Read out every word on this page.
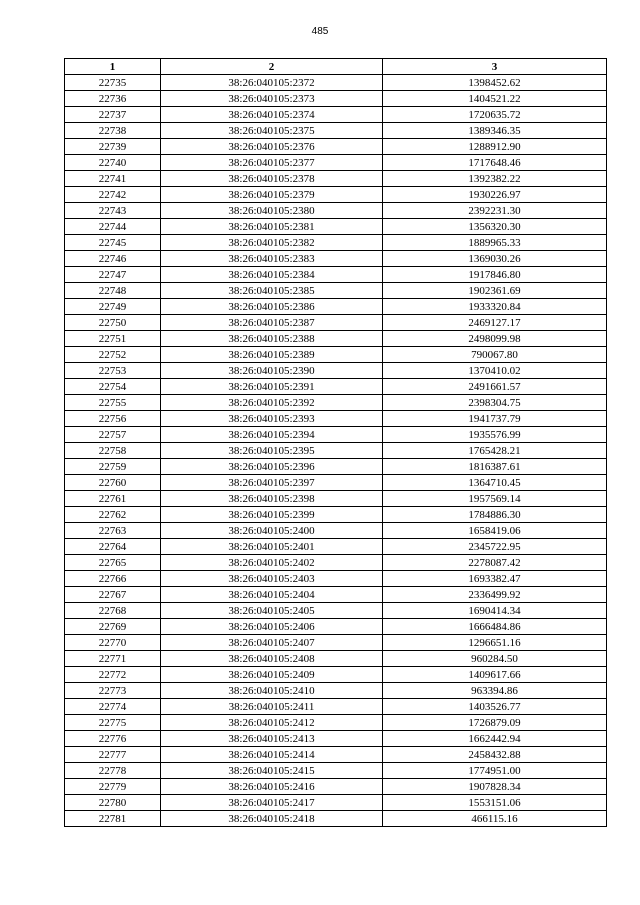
485
1	2	3
22735	38:26:040105:2372	1398452.62
22736	38:26:040105:2373	1404521.22
22737	38:26:040105:2374	1720635.72
22738	38:26:040105:2375	1389346.35
22739	38:26:040105:2376	1288912.90
22740	38:26:040105:2377	1717648.46
22741	38:26:040105:2378	1392382.22
22742	38:26:040105:2379	1930226.97
22743	38:26:040105:2380	2392231.30
22744	38:26:040105:2381	1356320.30
22745	38:26:040105:2382	1889965.33
22746	38:26:040105:2383	1369030.26
22747	38:26:040105:2384	1917846.80
22748	38:26:040105:2385	1902361.69
22749	38:26:040105:2386	1933320.84
22750	38:26:040105:2387	2469127.17
22751	38:26:040105:2388	2498099.98
22752	38:26:040105:2389	790067.80
22753	38:26:040105:2390	1370410.02
22754	38:26:040105:2391	2491661.57
22755	38:26:040105:2392	2398304.75
22756	38:26:040105:2393	1941737.79
22757	38:26:040105:2394	1935576.99
22758	38:26:040105:2395	1765428.21
22759	38:26:040105:2396	1816387.61
22760	38:26:040105:2397	1364710.45
22761	38:26:040105:2398	1957569.14
22762	38:26:040105:2399	1784886.30
22763	38:26:040105:2400	1658419.06
22764	38:26:040105:2401	2345722.95
22765	38:26:040105:2402	2278087.42
22766	38:26:040105:2403	1693382.47
22767	38:26:040105:2404	2336499.92
22768	38:26:040105:2405	1690414.34
22769	38:26:040105:2406	1666484.86
22770	38:26:040105:2407	1296651.16
22771	38:26:040105:2408	960284.50
22772	38:26:040105:2409	1409617.66
22773	38:26:040105:2410	963394.86
22774	38:26:040105:2411	1403526.77
22775	38:26:040105:2412	1726879.09
22776	38:26:040105:2413	1662442.94
22777	38:26:040105:2414	2458432.88
22778	38:26:040105:2415	1774951.00
22779	38:26:040105:2416	1907828.34
22780	38:26:040105:2417	1553151.06
22781	38:26:040105:2418	466115.16
